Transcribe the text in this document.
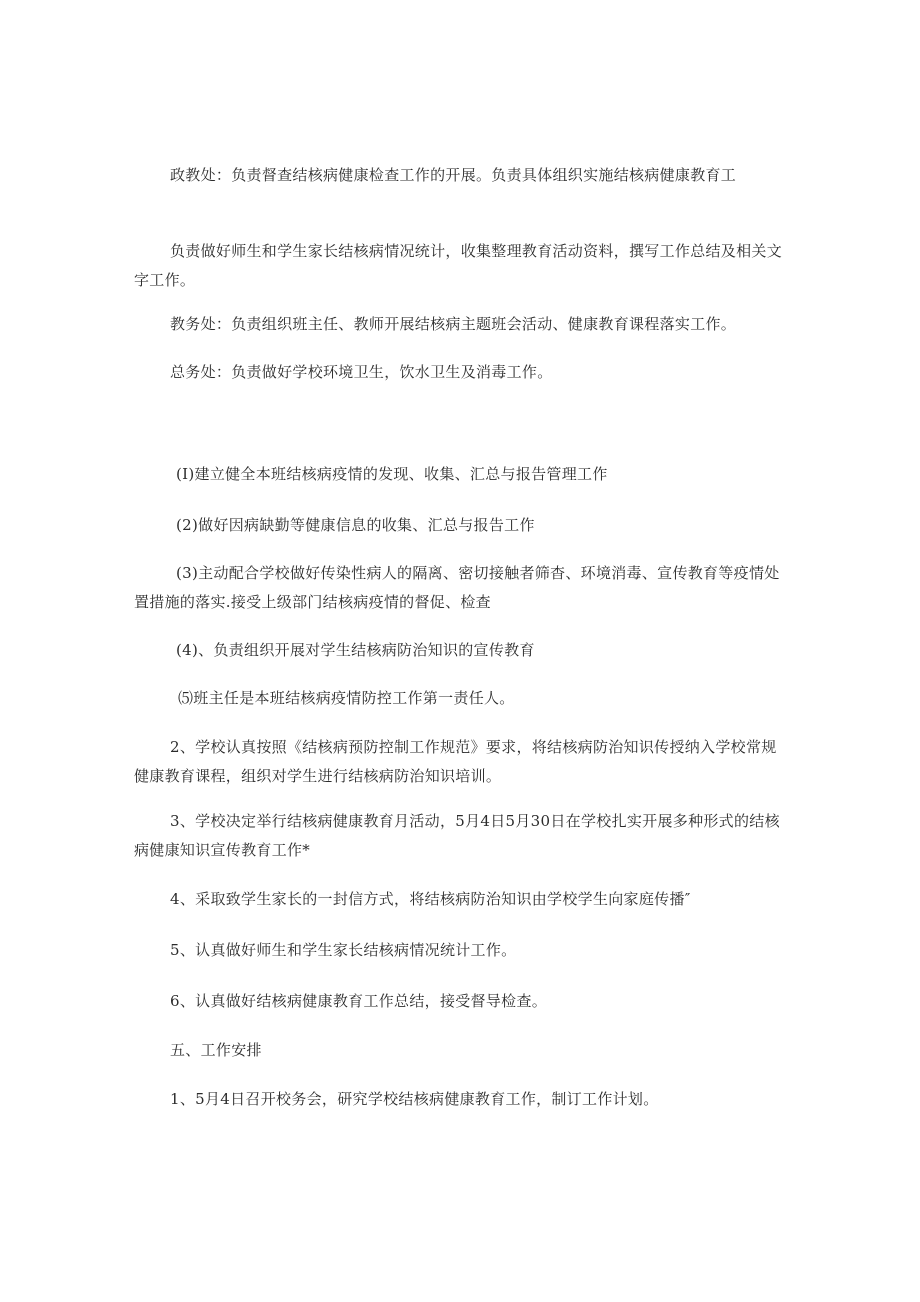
政教处：负责督查结核病健康检查工作的开展。负责具体组织实施结核病健康教育工

负责做好师生和学生家长结核病情况统计，收集整理教育活动资料，撰写工作总结及相关文字工作。

教务处：负责组织班主任、教师开展结核病主题班会活动、健康教育课程落实工作。

总务处：负责做好学校环境卫生，饮水卫生及消毒工作。

(I)建立健全本班结核病疫情的发现、收集、汇总与报告管理工作

(2)做好因病缺勤等健康信息的收集、汇总与报告工作

(3)主动配合学校做好传染性病人的隔离、密切接触者筛杳、环境消毒、宣传教育等疫情处置措施的落实.接受上级部门结核病疫情的督促、检查

(4)、负责组织开展对学生结核病防治知识的宣传教育

⑸班主任是本班结核病疫情防控工作第一责任人。

2、学校认真按照《结核病预防控制工作规范》要求，将结核病防治知识传授纳入学校常规健康教育课程，组织对学生进行结核病防治知识培训。

3、学校决定举行结核病健康教育月活动，5月4日5月30日在学校扎实开展多种形式的结核病健康知识宣传教育工作*

4、采取致学生家长的一封信方式，将结核病防治知识由学校学生向家庭传播″

5、认真做好师生和学生家长结核病情况统计工作。

6、认真做好结核病健康教育工作总结，接受督导检查。

五、工作安排

1、5月4日召开校务会，研究学校结核病健康教育工作，制订工作计划。
